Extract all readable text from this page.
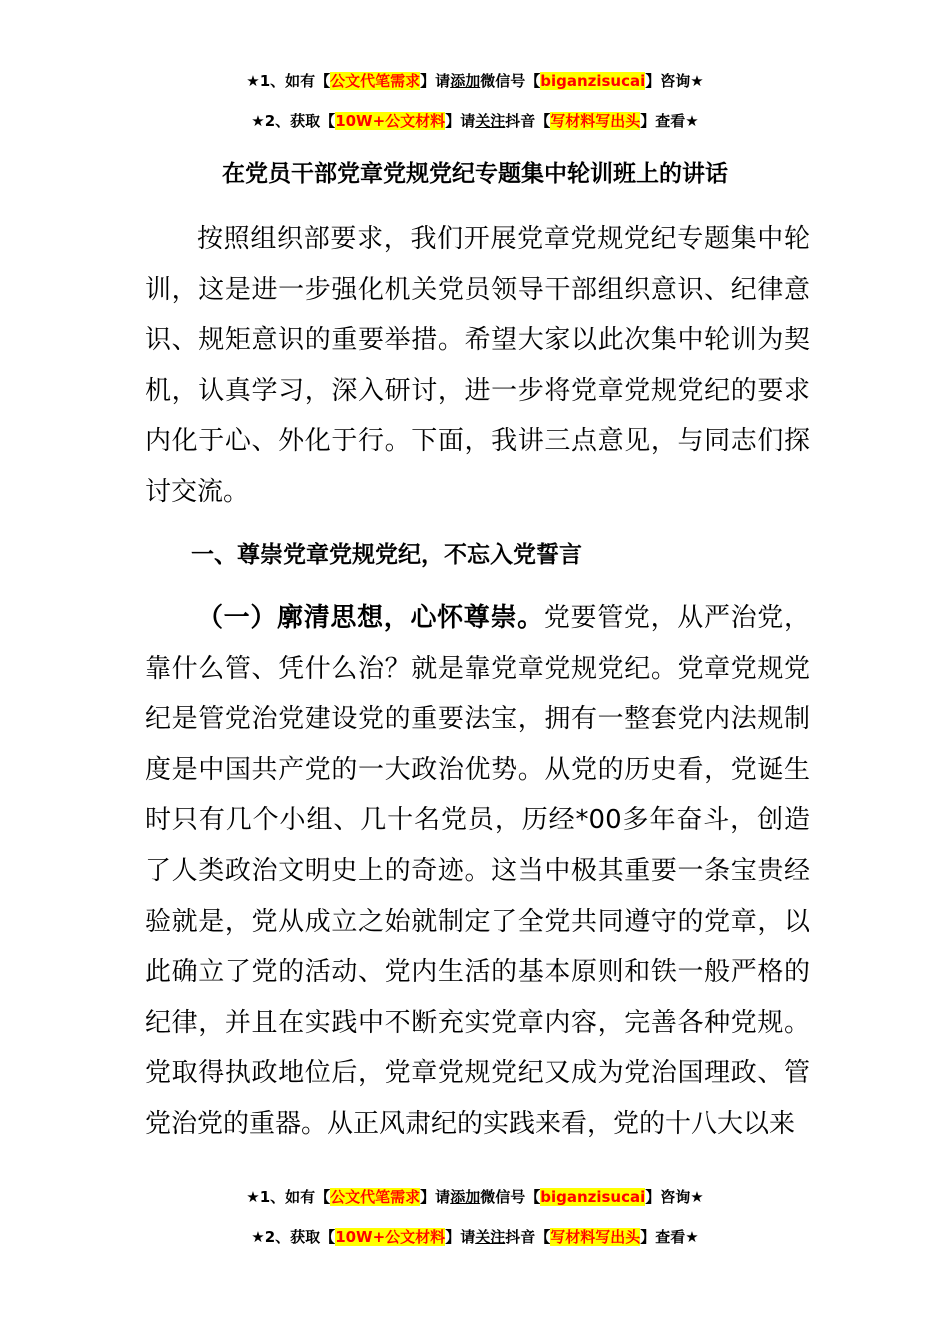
★1、如有【公文代笔需求】请添加微信号【biganzisucai】咨询★
★2、获取【10W+公文材料】请关注抖音【写材料写出头】查看★
在党员干部党章党规党纪专题集中轮训班上的讲话
按照组织部要求，我们开展党章党规党纪专题集中轮训，这是进一步强化机关党员领导干部组织意识、纪律意识、规矩意识的重要举措。希望大家以此次集中轮训为契机，认真学习，深入研讨，进一步将党章党规党纪的要求内化于心、外化于行。下面，我讲三点意见，与同志们探讨交流。
一、尊崇党章党规党纪，不忘入党誓言
（一）廓清思想，心怀尊崇。党要管党，从严治党，靠什么管、凭什么治？就是靠党章党规党纪。党章党规党纪是管党治党建设党的重要法宝，拥有一整套党内法规制度是中国共产党的一大政治优势。从党的历史看，党诞生时只有几个小组、几十名党员，历经*00多年奋斗，创造了人类政治文明史上的奇迹。这当中极其重要一条宝贵经验就是，党从成立之始就制定了全党共同遵守的党章，以此确立了党的活动、党内生活的基本原则和铁一般严格的纪律，并且在实践中不断充实党章内容，完善各种党规。党取得执政地位后，党章党规党纪又成为党治国理政、管党治党的重器。从正风肃纪的实践来看，党的十八大以来
★1、如有【公文代笔需求】请添加微信号【biganzisucai】咨询★
★2、获取【10W+公文材料】请关注抖音【写材料写出头】查看★
